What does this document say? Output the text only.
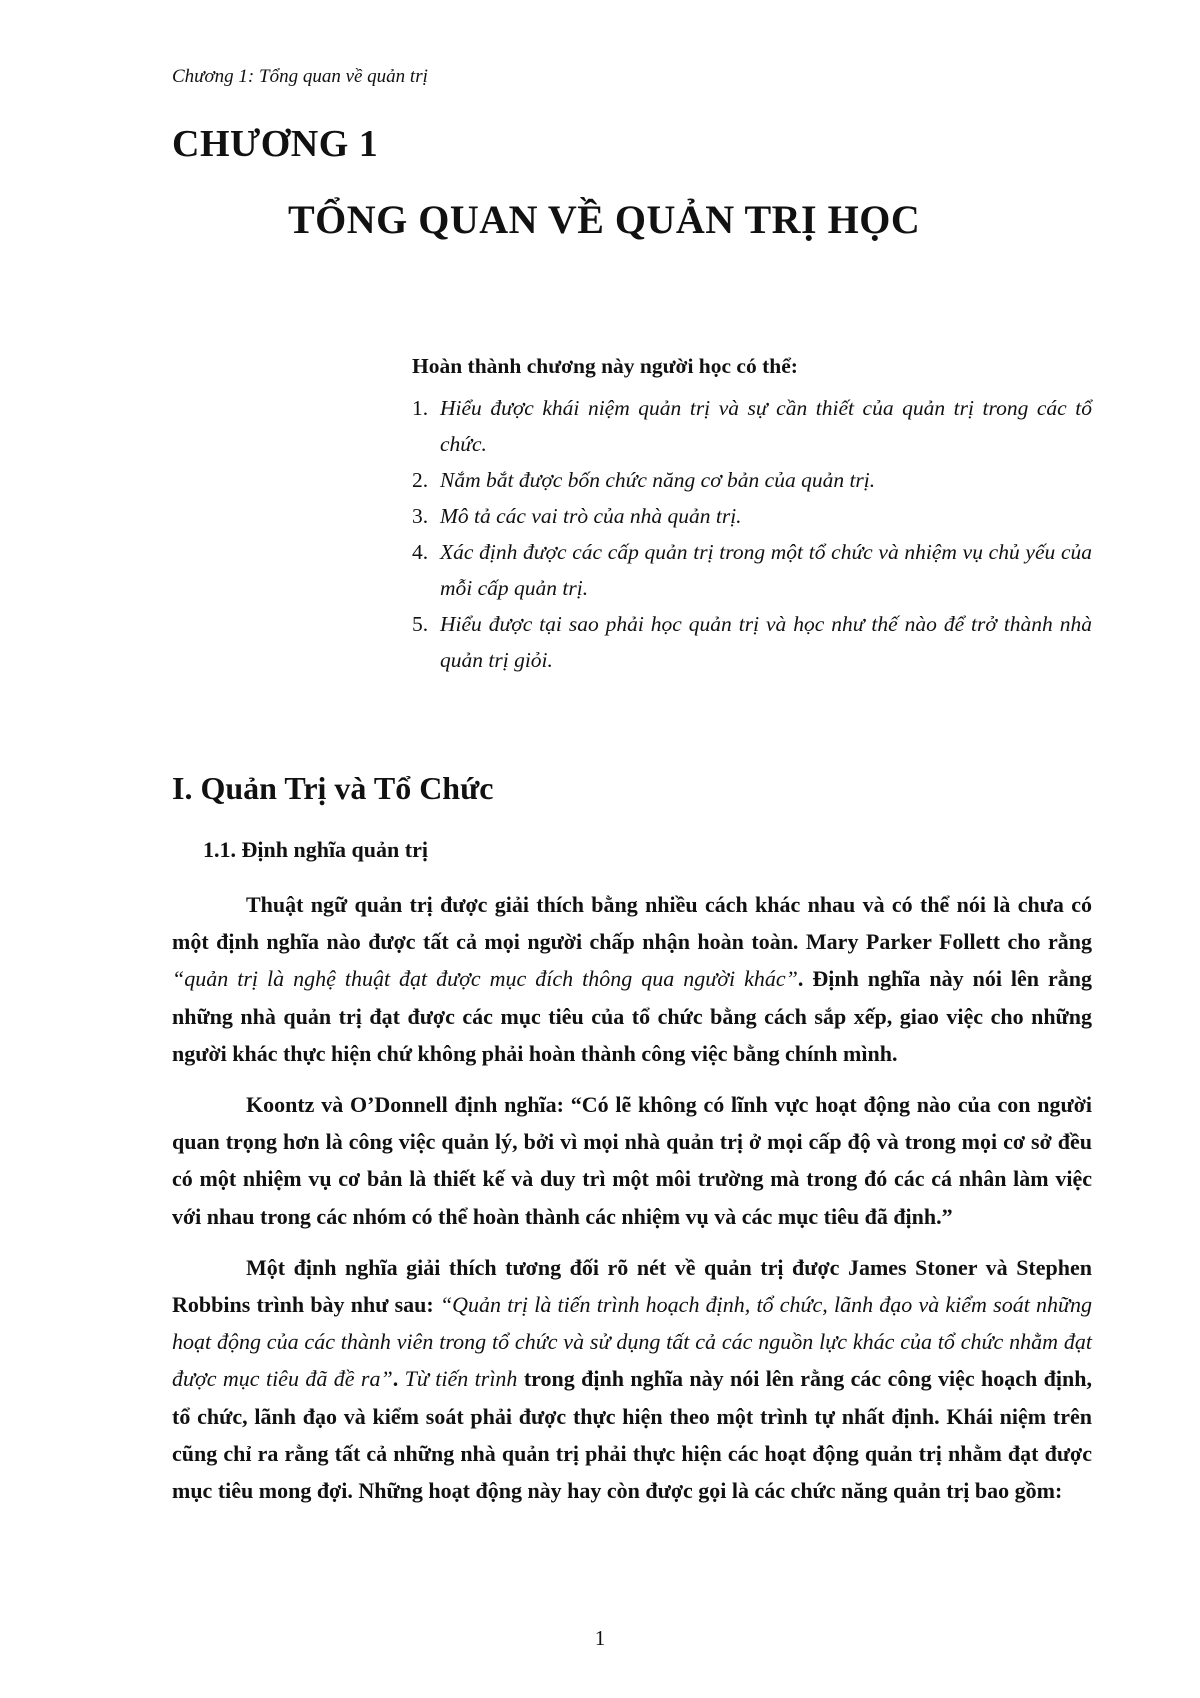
Chương 1: Tổng quan về quản trị
CHƯƠNG 1
TỔNG QUAN VỀ QUẢN TRỊ HỌC

Hoàn thành chương này người học có thể:

1. Hiểu được khái niệm quản trị và sự cần thiết của quản trị trong các tổ chức.
2. Nắm bắt được bốn chức năng cơ bản của quản trị.
3. Mô tả các vai trò của nhà quản trị.
4. Xác định được các cấp quản trị trong một tổ chức và nhiệm vụ chủ yếu của mỗi cấp quản trị.
5. Hiểu được tại sao phải học quản trị và học như thế nào để trở thành nhà quản trị giỏi.
I. Quản Trị và Tổ Chức
1.1. Định nghĩa quản trị

Thuật ngữ quản trị được giải thích bằng nhiều cách khác nhau và có thể nói là chưa có một định nghĩa nào được tất cả mọi người chấp nhận hoàn toàn. Mary Parker Follett cho rằng “quản trị là nghệ thuật đạt được mục đích thông qua người khác”. Định nghĩa này nói lên rằng những nhà quản trị đạt được các mục tiêu của tổ chức bằng cách sắp xếp, giao việc cho những người khác thực hiện chứ không phải hoàn thành công việc bằng chính mình.

Koontz và O’Donnell định nghĩa: “Có lẽ không có lĩnh vực hoạt động nào của con người quan trọng hơn là công việc quản lý, bởi vì mọi nhà quản trị ở mọi cấp độ và trong mọi cơ sở đều có một nhiệm vụ cơ bản là thiết kế và duy trì một môi trường mà trong đó các cá nhân làm việc với nhau trong các nhóm có thể hoàn thành các nhiệm vụ và các mục tiêu đã định.”

Một định nghĩa giải thích tương đối rõ nét về quản trị được James Stoner và Stephen Robbins trình bày như sau: “Quản trị là tiến trình hoạch định, tổ chức, lãnh đạo và kiểm soát những hoạt động của các thành viên trong tổ chức và sử dụng tất cả các nguồn lực khác của tổ chức nhằm đạt được mục tiêu đã đề ra”. Từ tiến trình trong định nghĩa này nói lên rằng các công việc hoạch định, tổ chức, lãnh đạo và kiểm soát phải được thực hiện theo một trình tự nhất định. Khái niệm trên cũng chỉ ra rằng tất cả những nhà quản trị phải thực hiện các hoạt động quản trị nhằm đạt được mục tiêu mong đợi. Những hoạt động này hay còn được gọi là các chức năng quản trị bao gồm:

1
